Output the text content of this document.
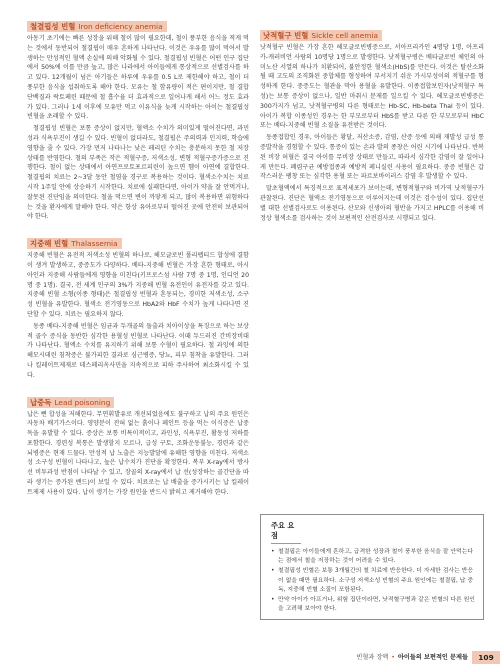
철결핍성 빈혈 Iron deficiency anemia

아동기 초기에는 빠른 성장을 위해 철이 많이 필요한데, 철이 풍부한 음식을 적게 먹는 것에서 동반되어 철결핍이 매우 흔하게 나타난다. 이것은 우유를 많이 먹어서 발생하는 만성적인 혈액 손실에 의해 악화될 수 있다. 철결핍성 빈혈은 어떤 인구 집단에서 50%에 이를 만큼 높고, 많은 나라에서 아이들에게 통상적으로 선별검사를 하고 있다. 12개월이 넘은 아기들은 하루에 우유를 0.5 L로 제한해야 하고, 철이 더 풍부한 음식을 섭취하도록 해야 한다. 모유는 철 함유량이 적은 편이지만, 철 결합 단백질과 락토페린 때문에 철 흡수율 더 효과적으로 일어나게 해서 어느 정도 효과가 있다. 그러나 1세 이후에 모유만 먹고 이유식을 늦게 시작하는 아이는 철결핍성 빈혈을 초래할 수 있다.

철결핍성 빈혈은 보통 증상이 없지만, 혈액소 수치가 의미있게 떨어진다면, 과민성과 식욕부진이 생길 수 있다. 빈혈이 없더라도, 철결핍은 주의력과 인지력, 학습에 영향을 줄 수 있다. 가장 먼저 나타나는 낮은 페리틴 수치는 충분하지 못한 철 저장상태를 반영한다. 철의 부족은 작은 적혈구증, 저색소성, 변형 적혈구증가증으로 진행한다. 철이 없는 상태에서 아연프로토포르피린이 높으면 헴이 아연에 결합한다. 철결핍의 치료는 2~3달 동안 철염을 경구로 복용하는 것이다. 혈색소수치는 치료 시작 1주일 안에 상승하기 시작한다. 치료에 실패한다면, 아이가 약을 잘 안먹거나, 잘못된 진단임을 의미한다. 철을 먹으면 변이 까맣게 되고, 많이 복용하면 위험하다는 것을 환자에게 말해야 한다. 약은 항상 유아로부터 떨어진 곳에 안전히 보관되어야 한다.

지중해 빈혈 Thalassemia

지중해 빈혈은 유전적 저색소성 빈혈의 하나로, 헤모글로빈 폴리펩티드 합성에 결함이 생겨 발생하고, 중증도가 다양하다. 베타-지중해 빈혈은 가장 흔한 형태로, 아시아인과 지중해 사람들에게 영향을 미친다(키프로스섬 사람 7명 중 1명, 인디언 20명 중 1명). 결국, 전 세계 인구의 3%가 지중해 빈혈 유전인이 유전자를 갖고 있다. 지중해 빈혈 소형(이종 형태)은 철결핍성 빈혈과 혼동되는, 경미한 저색소성, 소구성 빈혈을 유발한다. 혈색소 전기영동으로 HbA2와 HbF 수치가 높게 나타나면 진단할 수 있다. 치료는 필요하지 않다.

동종 베타-지중해 빈혈은 임균과 두개골의 돌출과 치아이상을 특징으로 하는 보상적 골수 증식을 동반한 심각한 용혈성 빈혈로 나타난다. 이때 두드러진 간비장비대가 나타난다. 혈액소 수치를 유지하기 위해 보통 수혈이 필요하다. 철 과잉에 의한 헤모시데린 침착증은 불가피한 결과로 심근병증, 당뇨, 피부 침착을 유발한다. 그러나 킬레이트제재로 데스페리옥사민을 지속적으로 피하 주사하여 최소화시킬 수 있다.

납중독 Lead poisoning

납은 뻔 합성을 저해한다. 무연휘발유로 개선되었음에도 불구하고 납의 주요 원인은 자동차 배기가스이다. 영양분이 전혀 없는 흙이나 페인트 등을 먹는 이식증은 납중독을 유발할 수 있다. 증상은 보통 비특이적이고, 과민성, 식욕부진, 활동성 저하를 포함한다. 경련성 복통은 발생할지 모르나, 급성 구토, 조화운동불능, 경련과 같은 뇌병증은 현재 드물다. 만성적 납 노출은 지능발달에 유해한 영향을 미친다. 저색소성 소구성 빈혈이 나타나고, 높은 납수치가 진단을 확정한다. 복부 X-ray에서 방사선 비투과성 반점이 나타날 수 있고, 장골의 X-ray에서 납 선(성장하는 골간단을 따라 생기는 증가된 밴드)이 보일 수 있다. 치료로는 납 배출을 증가시키는 납 킬레이트제제 사용이 있다. 납이 생기는 가장 원인을 반드시 밝히고 제거해야 한다.

낫적혈구 빈혈 Sickle cell anemia

낫적혈구 빈혈은 가장 흔한 헤모글로빈병증으로, 서아프리카인 4명당 1명, 아프리카-캐러비언 사람의 10명당 1명으로 발생한다. 낫적혈구병은 베타글로빈 체인의 아미노산 서열의 하나가 치환되어, 불안정한 혈색소(HbS)를 만든다. 이것은 탈산소화될 때 고도의 조직화된 중합체를 형성하여 부서지기 쉬운 가시부성이의 적혈구를 형성하게 한다. 중증도는 혈관을 막아 용혈을 유발한다. 이종접합보인자(낫적혈구 특성)는 보통 증상이 없으나, 일반 마취시 문제를 일으킬 수 있다. 헤모글로빈병증은 300가지가 넘고, 낫적혈구병의 다른 형태로는 Hb-SC, Hb-beta Thal 등이 있다. 아이가 복합 이종성인 경우는 한 부모로부터 HbS를 받고 다른 한 부모로부터 HbC 또는 베타-지중해 빈혈 소질을 유전받은 것이다.

동종접합인 경우, 아이들은 황달, 저산소증, 감염, 산증 등에 의해 재발성 급성 통증발작을 경험할 수 있다. 통증이 있는 손과 발의 종창은 어린 시기에 나타난다. 반복된 비장 허혈은 결국 아이를 무비장 상태로 만들고, 따라서 심각한 감염이 잘 일어나게 만든다. 폐렴구균 예방접종과 예방적 페니실린 사용이 필요하다. 중증 빈혈은 갑작스러운 팽창 또는 심각한 용혈 또는 파르보바이러스 감염 후 발생할 수 있다.

말초혈액에서 특징적으로 표적세포가 보이는데, 변형적혈구와 비가역 낫적혈구가 관찰된다. 진단은 혈액소 전기영동으로 이루어지는데 이것은 검수성이 있다. 집단선별 대한 선별검사로도 이용된다. 산모와 신생아의 혈반을 가지고 HPLC를 이용해 비정상 혈색소를 검사하는 것이 보편적인 산전검사로 시행되고 있다.

주요 요점
• 철결핍은 아이들에게 흔하고, 급격한 성장과 철이 풍부한 음식을 잘 안먹는다는 점에서 철을 저장하는 것이 어려울 수 있다.
• 철결핍성 빈혈은 보통 3개월간의 철 치료에 반응한다. 더 자세한 검사는 반응이 없을 때만 필요하다. 소구성 저색소성 빈혈의 주요 원인에는 철결핍, 납 중독, 지중해 빈혈 소질이 포함된다.
• 만약 아이가 아프거나, 위험 집단이라면, 낫적혈구병과 같은 빈혈의 다른 원인을 고려해 보아야 한다.
빈혈과 장액 • 아이들의 보편적인 문제들	109
